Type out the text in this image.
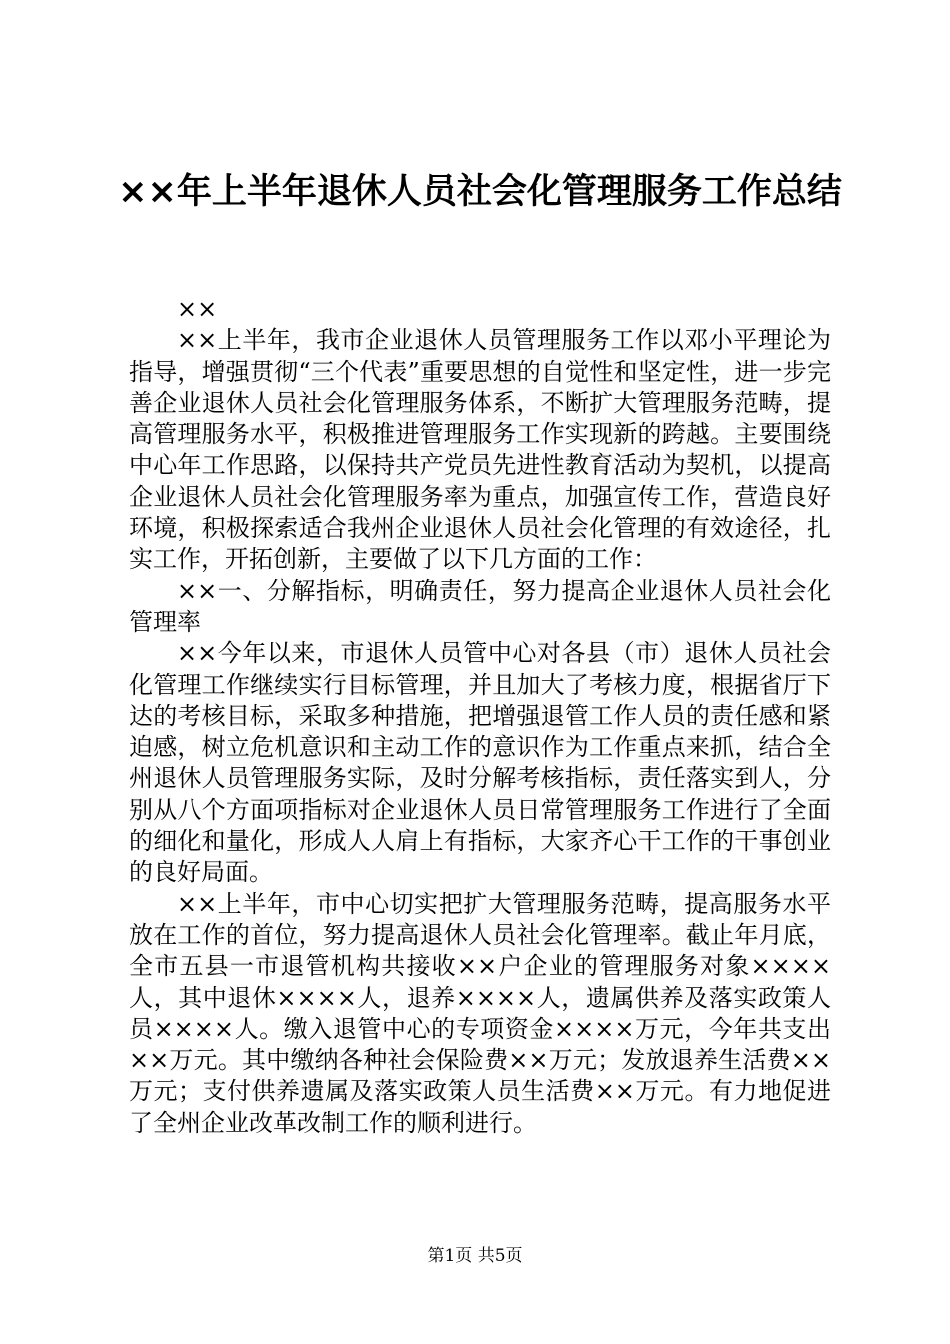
××年上半年退休人员社会化管理服务工作总结

××

××上半年，我市企业退休人员管理服务工作以邓小平理论为指导，增强贯彻“三个代表”重要思想的自觉性和坚定性，进一步完善企业退休人员社会化管理服务体系，不断扩大管理服务范畴，提高管理服务水平，积极推进管理服务工作实现新的跨越。主要围绕中心年工作思路，以保持共产党员先进性教育活动为契机，以提高企业退休人员社会化管理服务率为重点，加强宣传工作，营造良好环境，积极探索适合我州企业退休人员社会化管理的有效途径，扎实工作，开拓创新，主要做了以下几方面的工作：

××一、分解指标，明确责任，努力提高企业退休人员社会化管理率

××今年以来，市退休人员管中心对各县（市）退休人员社会化管理工作继续实行目标管理，并且加大了考核力度，根据省厅下达的考核目标，采取多种措施，把增强退管工作人员的责任感和紧迫感，树立危机意识和主动工作的意识作为工作重点来抓，结合全州退休人员管理服务实际，及时分解考核指标，责任落实到人，分别从八个方面项指标对企业退休人员日常管理服务工作进行了全面的细化和量化，形成人人肩上有指标，大家齐心干工作的干事创业的良好局面。

××上半年，市中心切实把扩大管理服务范畴，提高服务水平放在工作的首位，努力提高退休人员社会化管理率。截止年月底，全市五县一市退管机构共接收××户企业的管理服务对象××××人，其中退休××××人，退养××××人，遗属供养及落实政策人员××××人。缴入退管中心的专项资金××××万元，今年共支出××万元。其中缴纳各种社会保险费××万元；发放退养生活费××万元；支付供养遗属及落实政策人员生活费××万元。有力地促进了全州企业改革改制工作的顺利进行。

第1页 共5页
